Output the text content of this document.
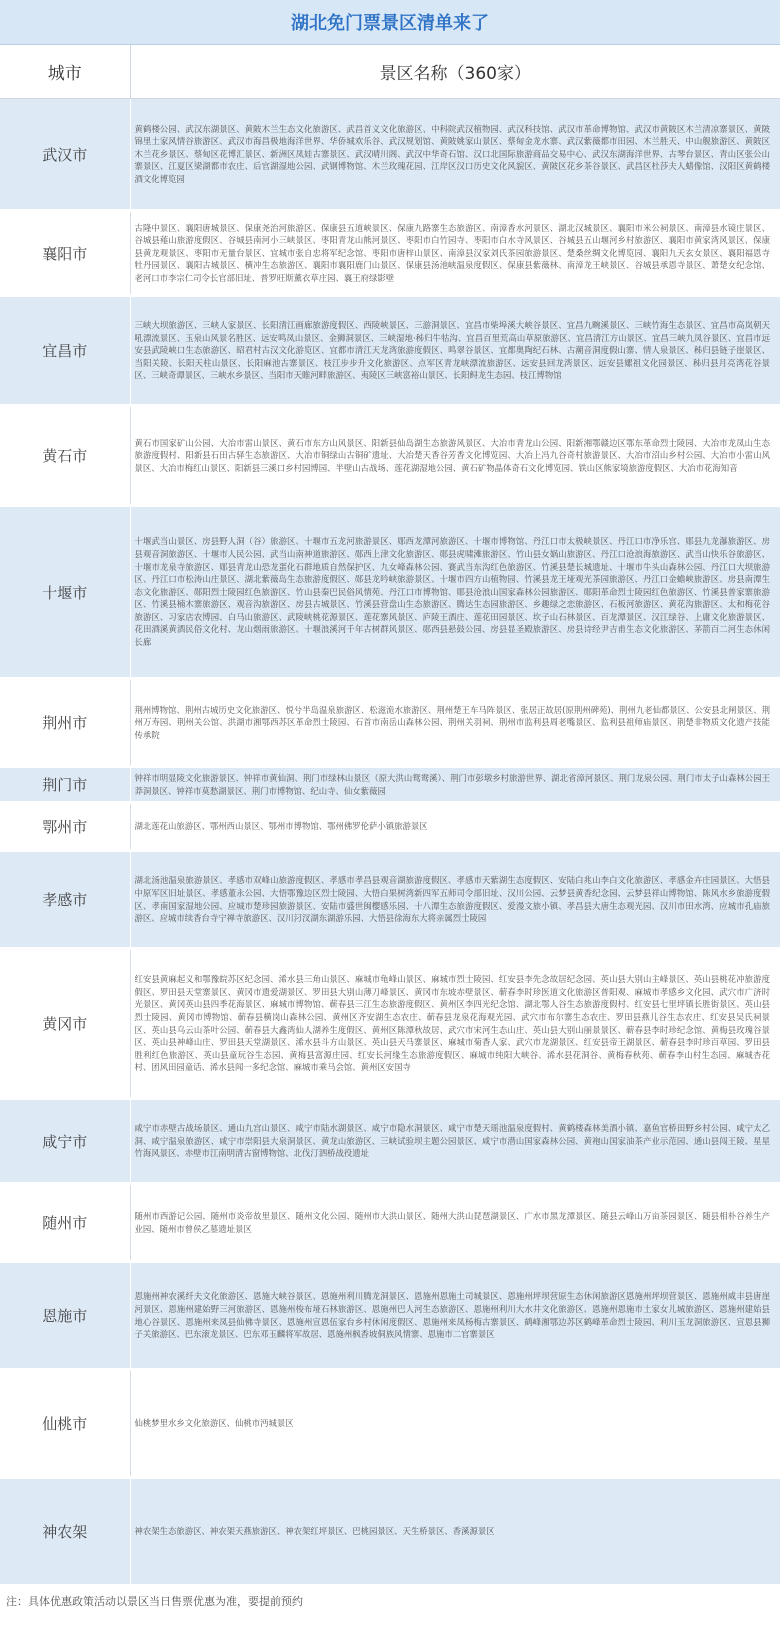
湖北免门票景区清单来了
城市	景区名称（360家）
武汉市	黄鹤楼公园、武汉东湖景区、黄陂木兰生态文化旅游区、武昌首义文化旅游区、中科院武汉植物园、武汉科技馆、武汉市革命博物馆、武汉市黄陂区木兰清凉寨景区、黄陂锦里土家风情谷旅游区、武汉市海昌极地海洋世界、华侨城欢乐谷、武汉规划馆、黄陂姚家山景区、蔡甸金龙水寨、武汉紫薇都市田园、木兰胜天、中山舰旅游区、黄陂区木兰花乡景区、蔡甸区花博汇景区、新洲区凤娃古寨景区、武汉晴川阁、武汉中华奇石馆、汉口北国际旅游商品交易中心、武汉东湖海洋世界、古琴台景区、青山区张公山寨景区、江夏区梁湖都市农庄、后官湖湿地公园、武钢博物馆、木兰玫瑰花园、江岸区汉口历史文化风貌区、黄陂区花乡茶谷景区、武昌区杜莎夫人蜡像馆、汉阳区黄鹤楼酒文化博览园
襄阳市	古隆中景区、襄阳唐城景区、保康尧治河旅游区、保康县五道峡景区、保康九路寨生态旅游区、南漳香水河景区、湖北汉城景区、襄阳市米公祠景区、南漳县水镜庄景区、谷城县薤山旅游度假区、谷城县南河小三峡景区、枣阳青龙山熊河景区、枣阳市白竹园寺、枣阳市白水寺风景区、谷城县五山堰河乡村旅游区、襄阳市黄家湾风景区、保康县黄龙观景区、枣阳市无量台景区、宜城市张自忠将军纪念馆、枣阳市唐梓山景区、南漳县汉家刘氏茶园旅游景区、楚桑丝绸文化博览园、襄阳九天玄女景区、襄阳福恩寺牡丹园景区、襄阳古城景区、横冲生态旅游区、襄阳市襄阳鹿门山景区、保康县汤池峡温泉度假区、保康县紫薇林、南漳龙王峡景区、谷城县承恩寺景区、萧楚女纪念馆、老河口市李宗仁司令长官部旧址、普罗旺斯薰衣草庄园、襄王府绿影壁
宜昌市	三峡大坝旅游区、三峡人家景区、长阳清江画廊旅游度假区、西陵峡景区、三游洞景区、宜昌市柴埠溪大峡谷景区、宜昌九畹溪景区、三峡竹海生态景区、宜昌市高岚朝天吼漂流景区、玉泉山风景名胜区、远安鸣凤山景区、金狮洞景区、三峡湿地·秭归牛牯沟、宜昌百里荒高山草原旅游区、宜昌清江方山景区、宜昌三峡九凤谷景区、宜昌市远安县武陵峡口生态旅游区、昭君村古汉文化游览区、宜都市清江天龙湾旅游度假区、鸣翠谷景区、宜都奥陶纪石林、古潮音洞度假山寨、情人泉景区、秭归县链子崖景区、当阳关陵、长阳天柱山景区、长阳麻池古寨景区、枝江步步升文化旅游区、点军区青龙峡漂流旅游区、远安县回龙湾景区、远安县嫘祖文化园景区、秭归县月亮湾花谷景区、三峡奇谭景区、三峡水乡景区、当阳市天睢河畔旅游区、夷陵区三峡富裕山景区、长阳鲟龙生态园、枝江博物馆
黄石市	黄石市国家矿山公园、大冶市雷山景区、黄石市东方山风景区、阳新县仙岛湖生态旅游风景区、大冶市青龙山公园、阳新湘鄂赣边区鄂东革命烈士陵园、大冶市龙凤山生态旅游度假村、阳新县石田古驿生态旅游区、大冶市铜绿山古铜矿遗址、大冶楚天香谷芳香文化博览园、大冶上冯九谷奇村旅游景区、大冶市沼山乡村公园、大冶市小雷山风景区、大冶市梅红山景区、阳新县三溪口乡村园博园、半壁山古战场、莲花湖湿地公园、黄石矿物晶体奇石文化博览园、铁山区熊家境旅游度假区、大冶市花海知音
十堰市	十堰武当山景区、房县野人洞（谷）旅游区、十堰市五龙河旅游景区、郧西龙潭河旅游区、十堰市博物馆、丹江口市太极峡景区、丹江口市净乐宫、郧县九龙瀑旅游区、房县观音洞旅游区、十堰市人民公园、武当山南神道旅游区、郧西上津文化旅游区、郧县虎啸滩旅游区、竹山县女娲山旅游区、丹江口沧浪海旅游区、武当山快乐谷旅游区、十堰市龙泉寺旅游区、郧县青龙山恐龙蛋化石群地质自然保护区、九女峰森林公园、赛武当东沟红色旅游区、竹溪县楚长城遗址、十堰市牛头山森林公园、丹江口大坝旅游区、丹江口市松涛山庄景区、湖北紫薇岛生态旅游度假区、郧县龙吟峡旅游景区、十堰市四方山植物园、竹溪县龙王垭观光茶园旅游区、丹江口金蟾峡旅游区、房县南潭生态文化旅游区、郧阳烈士陵园红色旅游区、竹山县秦巴民俗风情苑、丹江口市博物馆、郧县沧浪山国家森林公园旅游区、郧阳革命烈士陵园红色旅游区、竹溪县普家寨旅游区、竹溪县楠木寨旅游区、观音沟旅游区、房县古城景区、竹溪县营盘山生态旅游区、腾达生态园旅游区、乡趣绿之恋旅游区、石板河旅游区、黄花沟旅游区、太和梅花谷旅游区、习家店农博园、白马山旅游区、武陵峡桃花源景区、莲花寨风景区、庐陵王酒庄、莲花田园景区、坎子山石林景区、百龙潭景区、汉江绿谷、上庸文化旅游景区、花田酒溪黄酒民俗文化村、龙山烟雨旅游区、十堰浪溪河千年古树群风景区、郧西县悬鼓公园、房县显圣殿旅游区、房县诗经尹吉甫生态文化旅游区、茅箭百二河生态休闲长廊
荆州市	荆州博物馆、荆州古城历史文化旅游区、悦兮半岛温泉旅游区、松滋洈水旅游区、荆州楚王车马阵景区、张居正故居(原荆州碑苑)、荆州九老仙都景区、公安县北闸景区、荆州万寿园、荆州关公馆、洪湖市湘鄂西苏区革命烈士陵园、石首市南岳山森林公园、荆州关羽祠、荆州市监利县周老嘴景区、监利县祖师庙景区、荆楚非物质文化遗产技能传承院
荆门市	钟祥市明显陵文化旅游景区、钟祥市黄仙洞、荆门市绿林山景区（原大洪山鸳鸯溪）、荆门市彭墩乡村旅游世界、湖北省漳河景区、荆门龙泉公园、荆门市太子山森林公园王莽洞景区、钟祥市莫愁湖景区、荆门市博物馆、纪山寺、仙女紫薇园
鄂州市	湖北莲花山旅游区、鄂州西山景区、鄂州市博物馆、鄂州佛罗伦萨小镇旅游景区
孝感市	湖北汤池温泉旅游景区、孝感市双峰山旅游度假区、孝感市孝昌县观音湖旅游度假区、孝感市天紫湖生态度假区、安陆白兆山李白文化旅游区、孝感金卉庄园景区、大悟县中原军区旧址景区、孝感董永公园、大悟鄂豫边区烈士陵园、大悟白果树湾新四军五师司令部旧址、汉川公园、云梦县黄香纪念园、云梦县祥山博物馆、陈风水乡旅游度假区、孝南国家湿地公园、应城市楚珍园旅游景区、安陆市盛世闽樱感乐园、十八潭生态旅游度假区、爱漫文旅小镇、孝昌县大唐生态观光园、汉川市田水湾、应城市孔庙旅游区、应城市续香台寺宁禅寺旅游区、汉川汈汊湖东湖游乐园、大悟县徐海东大将亲属烈士陵园
黄冈市	红安县黄麻起义和鄂豫皖苏区纪念园、浠水县三角山景区、麻城市龟峰山景区、麻城市烈士陵园、红安县李先念故居纪念园、英山县大别山主峰景区、英山县桃花冲旅游度假区、罗田县天堂寨景区、黄冈市遗爱湖景区、罗田县大别山薄刀峰景区、黄冈市东坡赤壁景区、蕲春李时珍医道文化旅游区普阳观、麻城市孝感乡文化园、武穴市广济时光景区、黄冈英山县四季花海景区、麻城市博物馆、蕲春县三江生态旅游度假区、黄州区李四光纪念馆、湖北鄂人谷生态旅游度假村、红安县七里坪镇长胜街景区、英山县烈士陵园、黄冈市博物馆、蕲春县横岗山森林公园、黄州区齐安湖生态农庄、蕲春县龙泉花海观光园、武穴市布尔寨生态农庄、罗田县燕儿谷生态农庄、红安县吴氏祠景区、英山县乌云山茶叶公园、蕲春县大鑫湾仙人湖养生度假区、黄州区陈潭秋故居、武穴市宋河生态山庄、英山县大别山丽景景区、蕲春县李时珍纪念馆、黄梅县玫瑰谷景区、英山县神峰山庄、罗田县天堂湖景区、浠水县斗方山景区、英山县天马寨景区、麻城市菊香人家、武穴市龙湖景区、红安县帝王湖景区、蕲春县李时珍百草园、罗田县胜利红色旅游区、英山县童玩谷生态园、黄梅县富源庄园、红安长河缘生态旅游度假区、麻城市纯阳大峡谷、浠水县花洞谷、黄梅春秋苑、蕲春李山村生态园、麻城杏花村、团风田园童话、浠水县闻一多纪念馆、麻城市乘马会馆、黄州区安国寺
咸宁市	咸宁市赤壁古战场景区、通山九宫山景区、咸宁市陆水湖景区、咸宁市隐水洞景区、咸宁市楚天瑶池温泉度假村、黄鹤楼森林美酒小镇、嘉鱼官桥田野乡村公园、咸宁太乙洞、咸宁温泉旅游区、咸宁市崇阳县大泉洞景区、黄龙山旅游区、三峡试验坝主题公园景区、咸宁市潜山国家森林公园、黄袍山国家油茶产业示范园、通山县闯王陵、星星竹海风景区、赤壁市江南明清古窗博物馆、北伐汀泗桥战役遗址
随州市	随州市西游记公园、随州市炎帝故里景区、随州文化公园、随州市大洪山景区、随州大洪山琵琶湖景区、广水市黑龙潭景区、随县云峰山万亩茶园景区、随县相朴谷养生产业园、随州市曾侯乙墓遗址景区
恩施市	恩施州神农溪纤夫文化旅游区、恩施大峡谷景区、恩施州利川腾龙洞景区、恩施州恩施土司城景区、恩施州坪坝营原生态休闲旅游区恩施州坪坝营景区、恩施州咸丰县唐崖河景区、恩施州建始野三河旅游区、恩施州梭布垭石林旅游区、恩施州巴人河生态旅游区、恩施州利川大水井文化旅游区、恩施州恩施市土家女儿城旅游区、恩施州建始县地心谷景区、恩施州来凤县仙佛寺景区、恩施州宣恩伍家台乡村休闲度假区、恩施州来凤杨梅古寨景区、鹤峰湘鄂边苏区鹤峰革命烈士陵园、利川玉龙洞旅游区、宣恩县狮子关旅游区、巴东滚龙景区、巴东邓玉麟将军故居、恩施州枫香坡侗族风情寨、恩施市二官寨景区
仙桃市	仙桃梦里水乡文化旅游区、仙桃市沔城景区
神农架	神农架生态旅游区、神农架天燕旅游区、神农架红坪景区、巴桃园景区、天生桥景区、香溪源景区
注：具体优惠政策活动以景区当日售票优惠为准，要提前预约
